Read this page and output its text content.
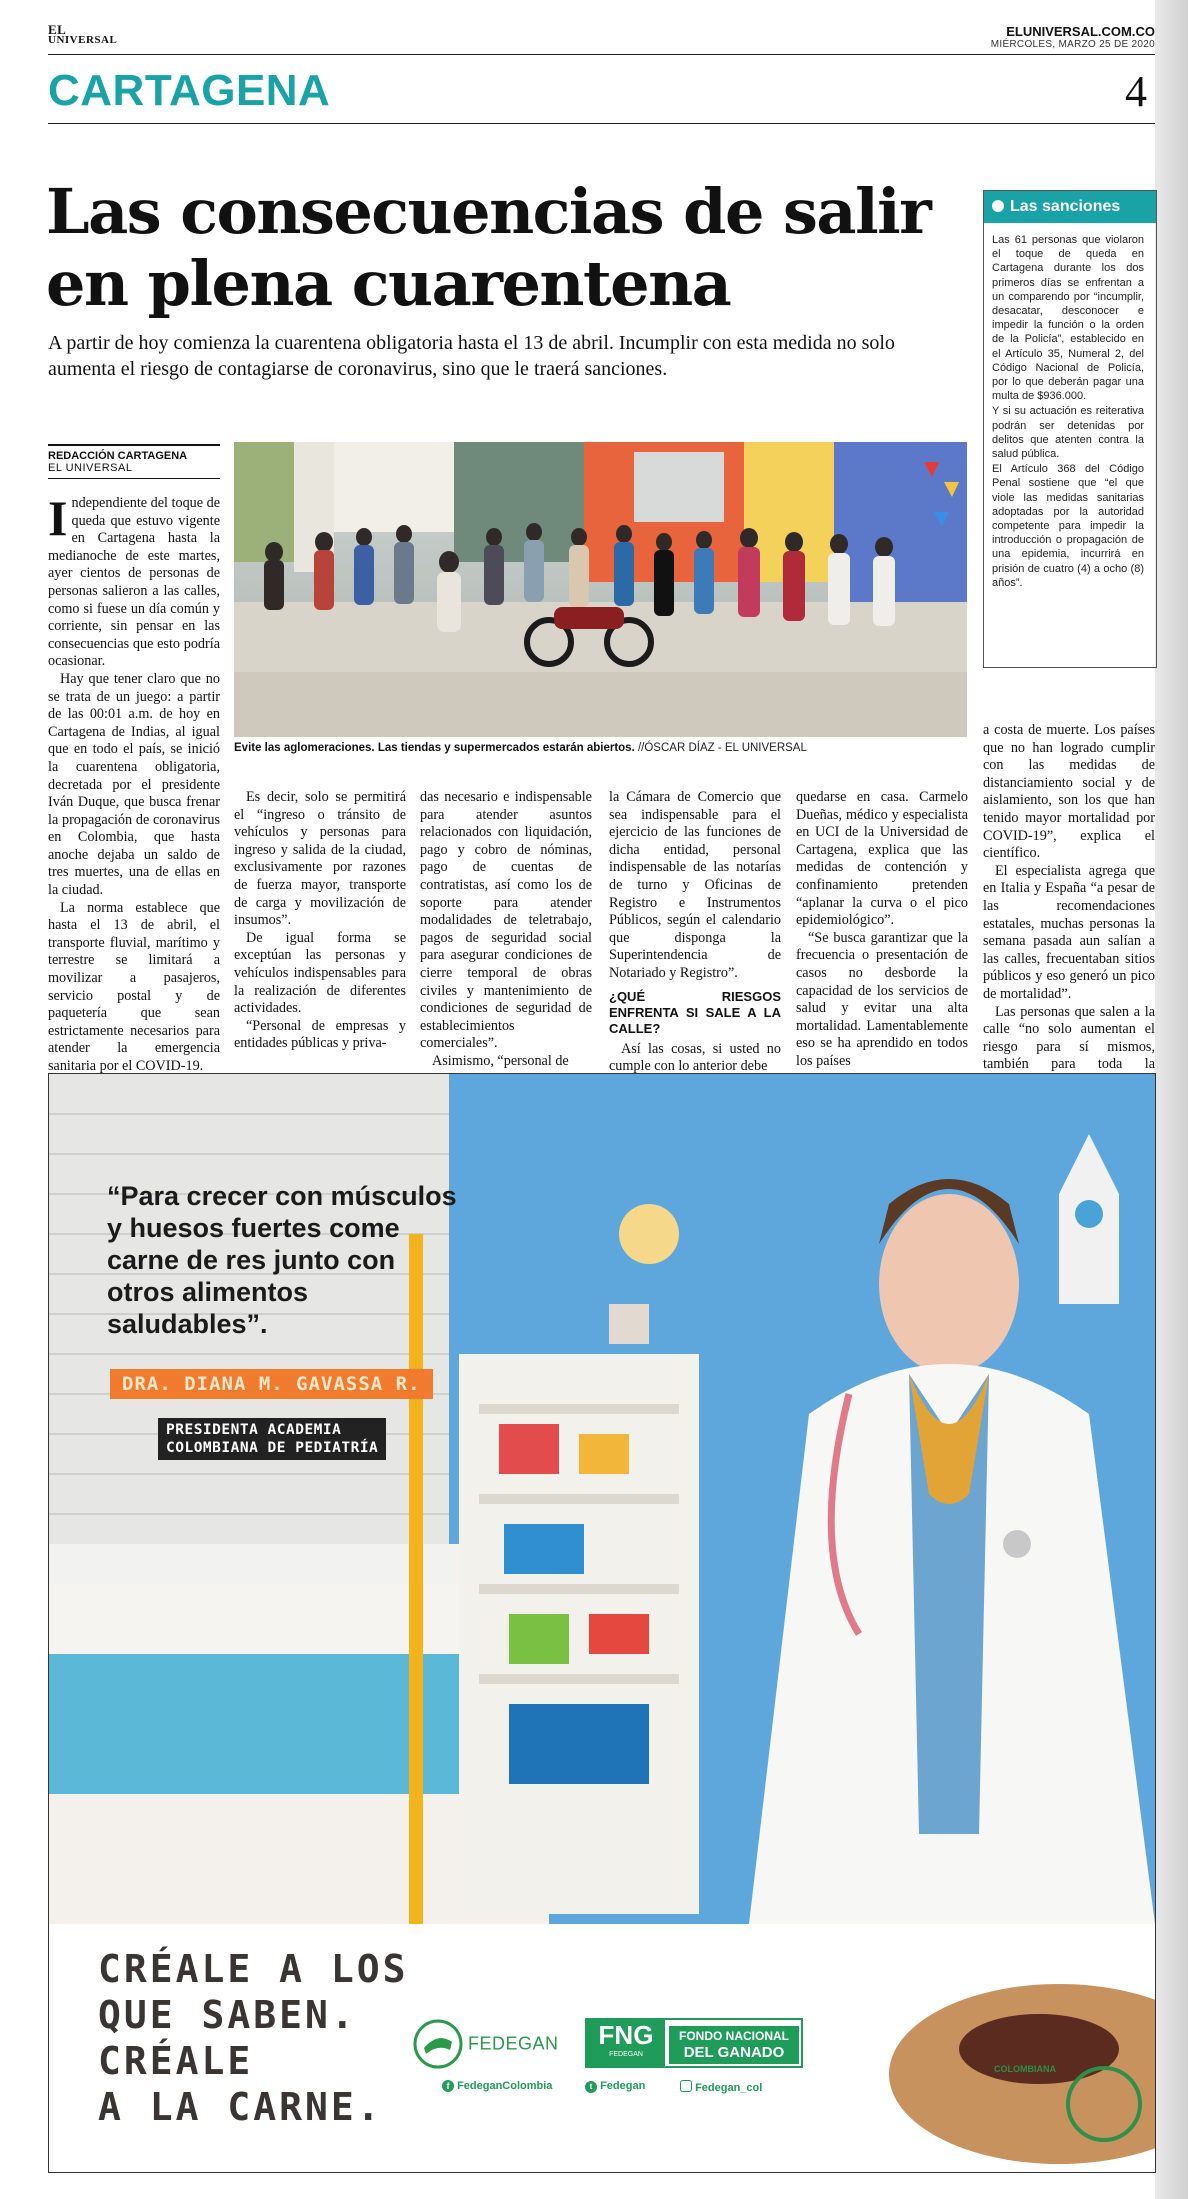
EL
UNIVERSAL
ELUNIVERSAL.COM.CO
MIÉRCOLES, MARZO 25 DE 2020
CARTAGENA	4
Las consecuencias de salir
en plena cuarentena
A partir de hoy comienza la cuarentena obligatoria hasta el 13 de abril. Incumplir con esta medida no solo aumenta el riesgo de contagiarse de coronavirus, sino que le traerá sanciones.
Las sanciones

Las 61 personas que violaron el toque de queda en Cartagena durante los dos primeros días se enfrentan a un comparendo por “incumplir, desacatar, desconocer e impedir la función o la orden de la Policía”, establecido en el Artículo 35, Numeral 2, del Código Nacional de Policía, por lo que deberán pagar una multa de $936.000.

Y si su actuación es reiterativa podrán ser detenidas por delitos que atenten contra la salud pública.

El Artículo 368 del Código Penal sostiene que “el que viole las medidas sanitarias adoptadas por la autoridad competente para impedir la introducción o propagación de una epidemia, incurrirá en prisión de cuatro (4) a ocho (8) años”.

REDACCIÓN CARTAGENA
EL UNIVERSAL
Evite las aglomeraciones. Las tiendas y supermercados estarán abiertos. //ÓSCAR DÍAZ - EL UNIVERSAL

Independiente del toque de queda que estuvo vigente en Cartagena hasta la medianoche de este martes, ayer cientos de personas de personas salieron a las calles, como si fuese un día común y corriente, sin pensar en las consecuencias que esto podría ocasionar.

Hay que tener claro que no se trata de un juego: a partir de las 00:01 a.m. de hoy en Cartagena de Indias, al igual que en todo el país, se inició la cuarentena obligatoria, decretada por el presidente Iván Duque, que busca frenar la propagación de coronavirus en Colombia, que hasta anoche dejaba un saldo de tres muertes, una de ellas en la ciudad.

La norma establece que hasta el 13 de abril, el transporte fluvial, marítimo y terrestre se limitará a movilizar a pasajeros, servicio postal y de paquetería que sean estrictamente necesarios para atender la emergencia sanitaria por el COVID-19.

Es decir, solo se permitirá el “ingreso o tránsito de vehículos y personas para ingreso y salida de la ciudad, exclusivamente por razones de fuerza mayor, transporte de carga y movilización de insumos”.

De igual forma se exceptúan las personas y vehículos indispensables para la realización de diferentes actividades.

“Personal de empresas y entidades públicas y priva-

das necesario e indispensable para atender asuntos relacionados con liquidación, pago y cobro de nóminas, pago de cuentas de contratistas, así como los de soporte para atender modalidades de teletrabajo, pagos de seguridad social para asegurar condiciones de cierre temporal de obras civiles y mantenimiento de condiciones de seguridad de establecimientos comerciales”.

Asimismo, “personal de

la Cámara de Comercio que sea indispensable para el ejercicio de las funciones de dicha entidad, personal indispensable de las notarías de turno y Oficinas de Registro e Instrumentos Públicos, según el calendario que disponga la Superintendencia de Notariado y Registro”.

¿QUÉ RIESGOS ENFRENTA SI SALE A LA CALLE?

Así las cosas, si usted no cumple con lo anterior debe

quedarse en casa. Carmelo Dueñas, médico y especialista en UCI de la Universidad de Cartagena, explica que las medidas de contención y confinamiento pretenden “aplanar la curva o el pico epidemiológico”.

“Se busca garantizar que la frecuencia o presentación de casos no desborde la capacidad de los servicios de salud y evitar una alta mortalidad. Lamentablemente eso se ha aprendido en todos los países

a costa de muerte. Los países que no han logrado cumplir con las medidas de distanciamiento social y de aislamiento, son los que han tenido mayor mortalidad por COVID-19”, explica el científico.

El especialista agrega que en Italia y España “a pesar de las recomendaciones estatales, muchas personas la semana pasada aun salían a las calles, frecuentaban sitios públicos y eso generó un pico de mortalidad”.

Las personas que salen a la calle “no solo aumentan el riesgo para sí mismos, también para toda la

COLOMBIANA
“Para crecer con músculos y huesos fuertes come carne de res junto con otros alimentos saludables”.
DRA. DIANA M. GAVASSA R.
PRESIDENTA ACADEMIA
COLOMBIANA DE PEDIATRÍA
CRÉALE A LOS
QUE SABEN.
CRÉALE
A LA CARNE.
FEDEGAN	FNG
FEDEGAN
FONDO NACIONAL
DEL GANADO
f FedeganColombia	t Fedegan	Fedegan_col
